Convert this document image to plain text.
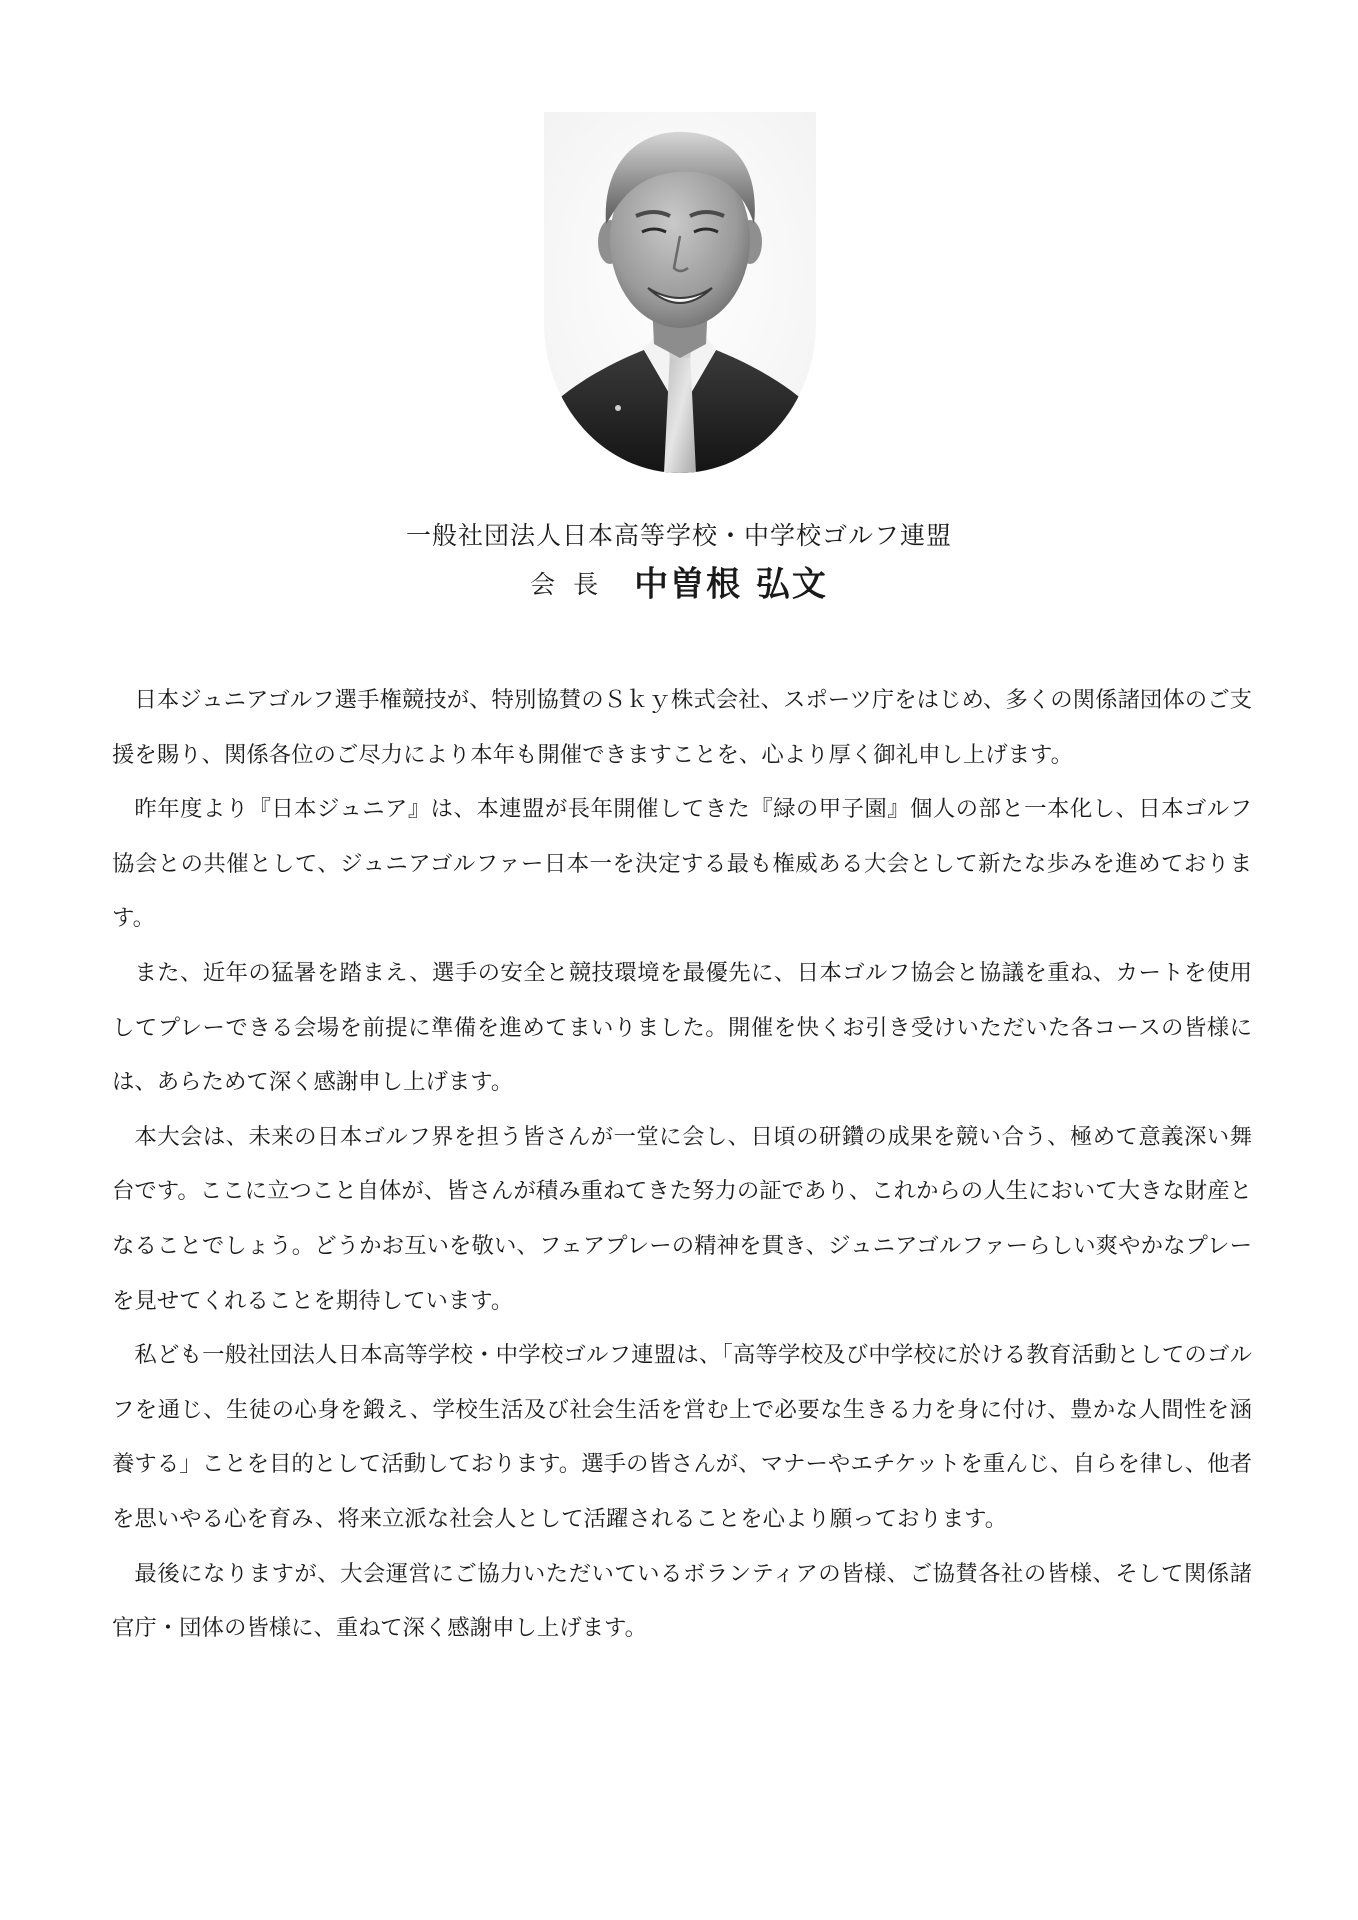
一般社団法人日本高等学校・中学校ゴルフ連盟
会長 中曽根 弘文

日本ジュニアゴルフ選手権競技が、特別協賛のＳｋｙ株式会社、スポーツ庁をはじめ、多くの関係諸団体のご支援を賜り、関係各位のご尽力により本年も開催できますことを、心より厚く御礼申し上げます。

昨年度より『日本ジュニア』は、本連盟が長年開催してきた『緑の甲子園』個人の部と一本化し、日本ゴルフ協会との共催として、ジュニアゴルファー日本一を決定する最も権威ある大会として新たな歩みを進めております。

また、近年の猛暑を踏まえ、選手の安全と競技環境を最優先に、日本ゴルフ協会と協議を重ね、カートを使用してプレーできる会場を前提に準備を進めてまいりました。開催を快くお引き受けいただいた各コースの皆様には、あらためて深く感謝申し上げます。

本大会は、未来の日本ゴルフ界を担う皆さんが一堂に会し、日頃の研鑽の成果を競い合う、極めて意義深い舞台です。ここに立つこと自体が、皆さんが積み重ねてきた努力の証であり、これからの人生において大きな財産となることでしょう。どうかお互いを敬い、フェアプレーの精神を貫き、ジュニアゴルファーらしい爽やかなプレーを見せてくれることを期待しています。

私ども一般社団法人日本高等学校・中学校ゴルフ連盟は、「高等学校及び中学校に於ける教育活動としてのゴルフを通じ、生徒の心身を鍛え、学校生活及び社会生活を営む上で必要な生きる力を身に付け、豊かな人間性を涵養する」ことを目的として活動しております。選手の皆さんが、マナーやエチケットを重んじ、自らを律し、他者を思いやる心を育み、将来立派な社会人として活躍されることを心より願っております。

最後になりますが、大会運営にご協力いただいているボランティアの皆様、ご協賛各社の皆様、そして関係諸官庁・団体の皆様に、重ねて深く感謝申し上げます。
